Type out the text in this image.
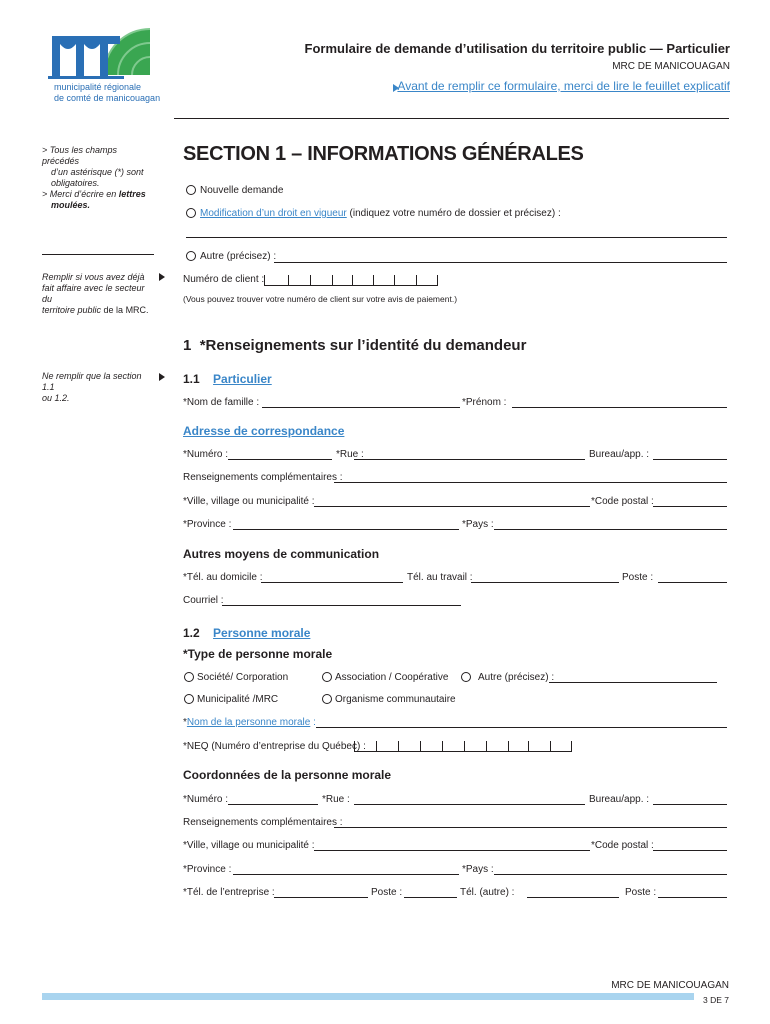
municipalité régionale
de comté de manicouagan
Formulaire de demande d’utilisation du territoire public — Particulier
MRC DE MANICOUAGAN
Avant de remplir ce formulaire, merci de lire le feuillet explicatif
> Tous les champs précédés
d’un astérisque (*) sont
obligatoires.
> Merci d’écrire en lettres
moulées.
Remplir si vous avez déjà
fait affaire avec le secteur du
territoire public de la MRC.
Ne remplir que la section 1.1
ou 1.2.
SECTION 1 – INFORMATIONS GÉNÉRALES
Nouvelle demande
Modification d’un droit en vigueur (indiquez votre numéro de dossier et précisez) :
Autre (précisez) :
Numéro de client :
(Vous pouvez trouver votre numéro de client sur votre avis de paiement.)
1 *Renseignements sur l’identité du demandeur
1.1 Particulier
*Nom de famille :	*Prénom :
Adresse de correspondance
*Numéro :	*Rue :	Bureau/app. :
Renseignements complémentaires :
*Ville, village ou municipalité :	*Code postal :
*Province :	*Pays :
Autres moyens de communication
*Tél. au domicile :	Tél. au travail :	Poste :
Courriel :
1.2 Personne morale
*Type de personne morale
Société/ Corporation	Association / Coopérative	Autre (précisez) :
Municipalité /MRC	Organisme communautaire
*Nom de la personne morale :
*NEQ (Numéro d’entreprise du Québec) :
Coordonnées de la personne morale
*Numéro :	*Rue :	Bureau/app. :
Renseignements complémentaires :
*Ville, village ou municipalité :	*Code postal :
*Province :	*Pays :
*Tél. de l’entreprise :	Poste :	Tél. (autre) :	Poste :
MRC DE MANICOUAGAN
3 DE 7
